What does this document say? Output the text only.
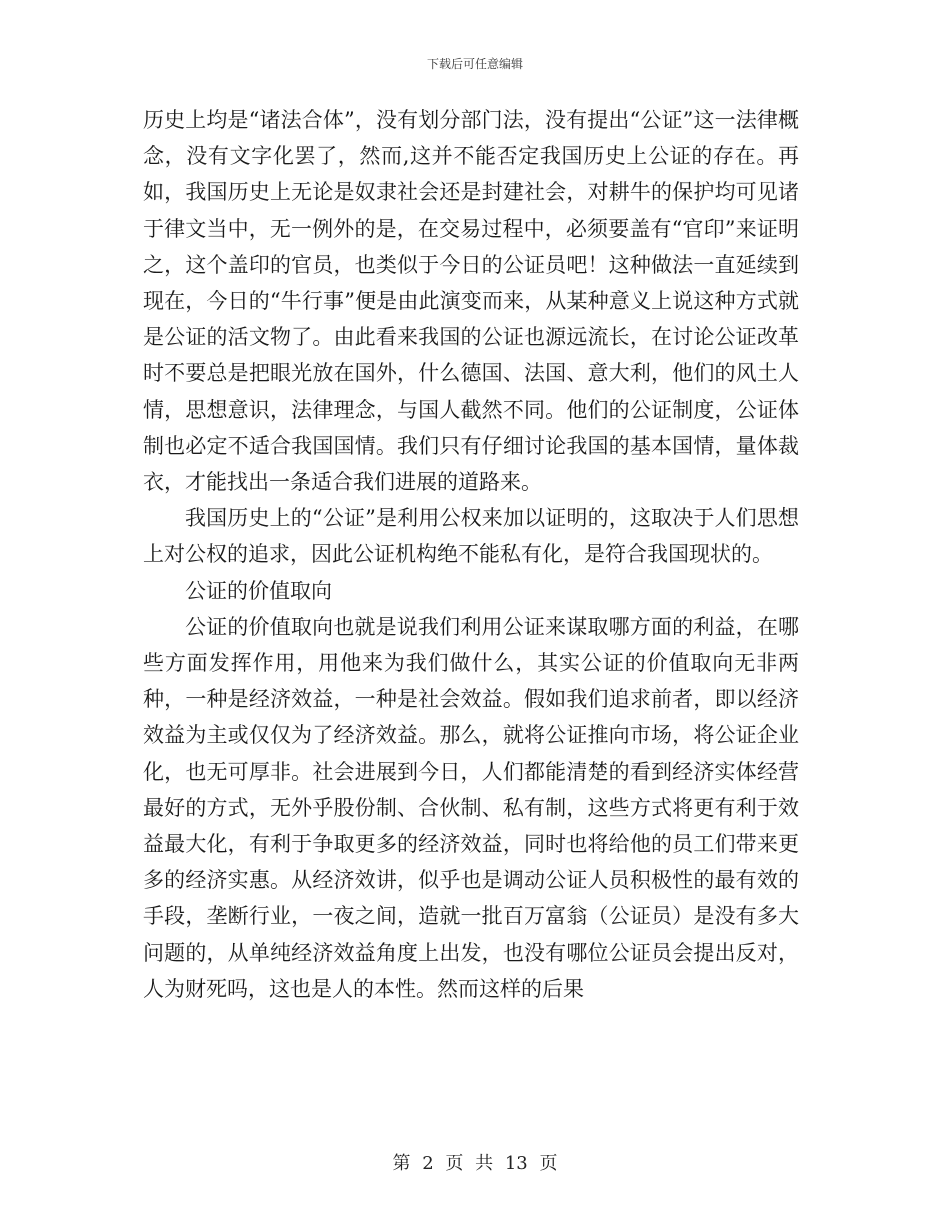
下载后可任意编辑

历史上均是“诸法合体”，没有划分部门法，没有提出“公证”这一法律概念，没有文字化罢了，然而,这并不能否定我国历史上公证的存在。再如，我国历史上无论是奴隶社会还是封建社会，对耕牛的保护均可见诸于律文当中，无一例外的是，在交易过程中，必须要盖有“官印”来证明之，这个盖印的官员，也类似于今日的公证员吧！这种做法一直延续到现在，今日的“牛行事”便是由此演变而来，从某种意义上说这种方式就是公证的活文物了。由此看来我国的公证也源远流长，在讨论公证改革时不要总是把眼光放在国外，什么德国、法国、意大利，他们的风土人情，思想意识，法律理念，与国人截然不同。他们的公证制度，公证体制也必定不适合我国国情。我们只有仔细讨论我国的基本国情，量体裁衣，才能找出一条适合我们进展的道路来。

我国历史上的“公证”是利用公权来加以证明的，这取决于人们思想上对公权的追求，因此公证机构绝不能私有化，是符合我国现状的。

公证的价值取向

公证的价值取向也就是说我们利用公证来谋取哪方面的利益，在哪些方面发挥作用，用他来为我们做什么，其实公证的价值取向无非两种，一种是经济效益，一种是社会效益。假如我们追求前者，即以经济效益为主或仅仅为了经济效益。那么，就将公证推向市场，将公证企业化，也无可厚非。社会进展到今日，人们都能清楚的看到经济实体经营最好的方式，无外乎股份制、合伙制、私有制，这些方式将更有利于效益最大化，有利于争取更多的经济效益，同时也将给他的员工们带来更多的经济实惠。从经济效讲，似乎也是调动公证人员积极性的最有效的手段，垄断行业，一夜之间，造就一批百万富翁（公证员）是没有多大问题的，从单纯经济效益角度上出发，也没有哪位公证员会提出反对，人为财死吗，这也是人的本性。然而这样的后果

第 2 页 共 13 页
